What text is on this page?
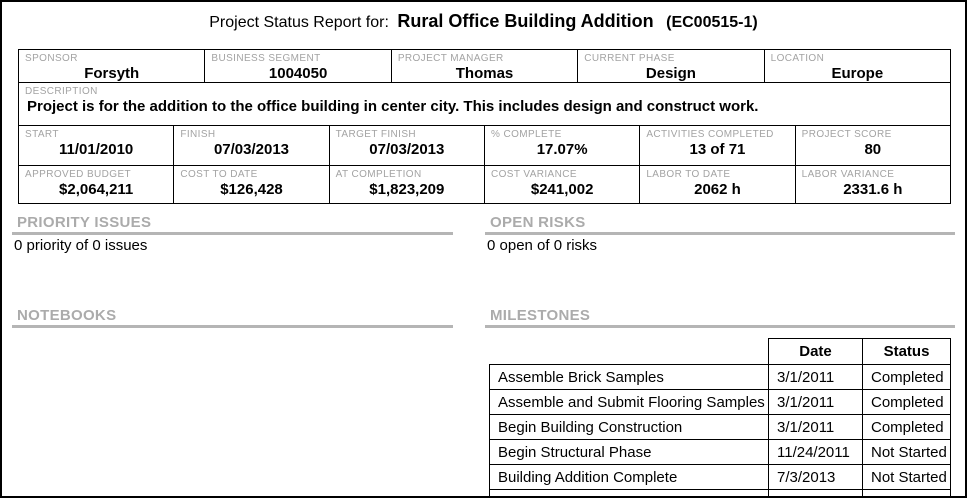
Project Status Report for: Rural Office Building Addition (EC00515-1)
SPONSOR
Forsyth
BUSINESS SEGMENT
1004050
PROJECT MANAGER
Thomas
CURRENT PHASE
Design
LOCATION
Europe
DESCRIPTION
Project is for the addition to the office building in center city. This includes design and construct work.
START
11/01/2010
FINISH
07/03/2013
TARGET FINISH
07/03/2013
% COMPLETE
17.07%
ACTIVITIES COMPLETED
13 of 71
PROJECT SCORE
80
APPROVED BUDGET
$2,064,211
COST TO DATE
$126,428
AT COMPLETION
$1,823,209
COST VARIANCE
$241,002
LABOR TO DATE
2062 h
LABOR VARIANCE
2331.6 h
PRIORITY ISSUES
0 priority of 0 issues
OPEN RISKS
0 open of 0 risks
NOTEBOOKS	MILESTONES
	Date	Status
Assemble Brick Samples	3/1/2011	Completed
Assemble and Submit Flooring Samples	3/1/2011	Completed
Begin Building Construction	3/1/2011	Completed
Begin Structural Phase	11/24/2011	Not Started
Building Addition Complete	7/3/2013	Not Started
